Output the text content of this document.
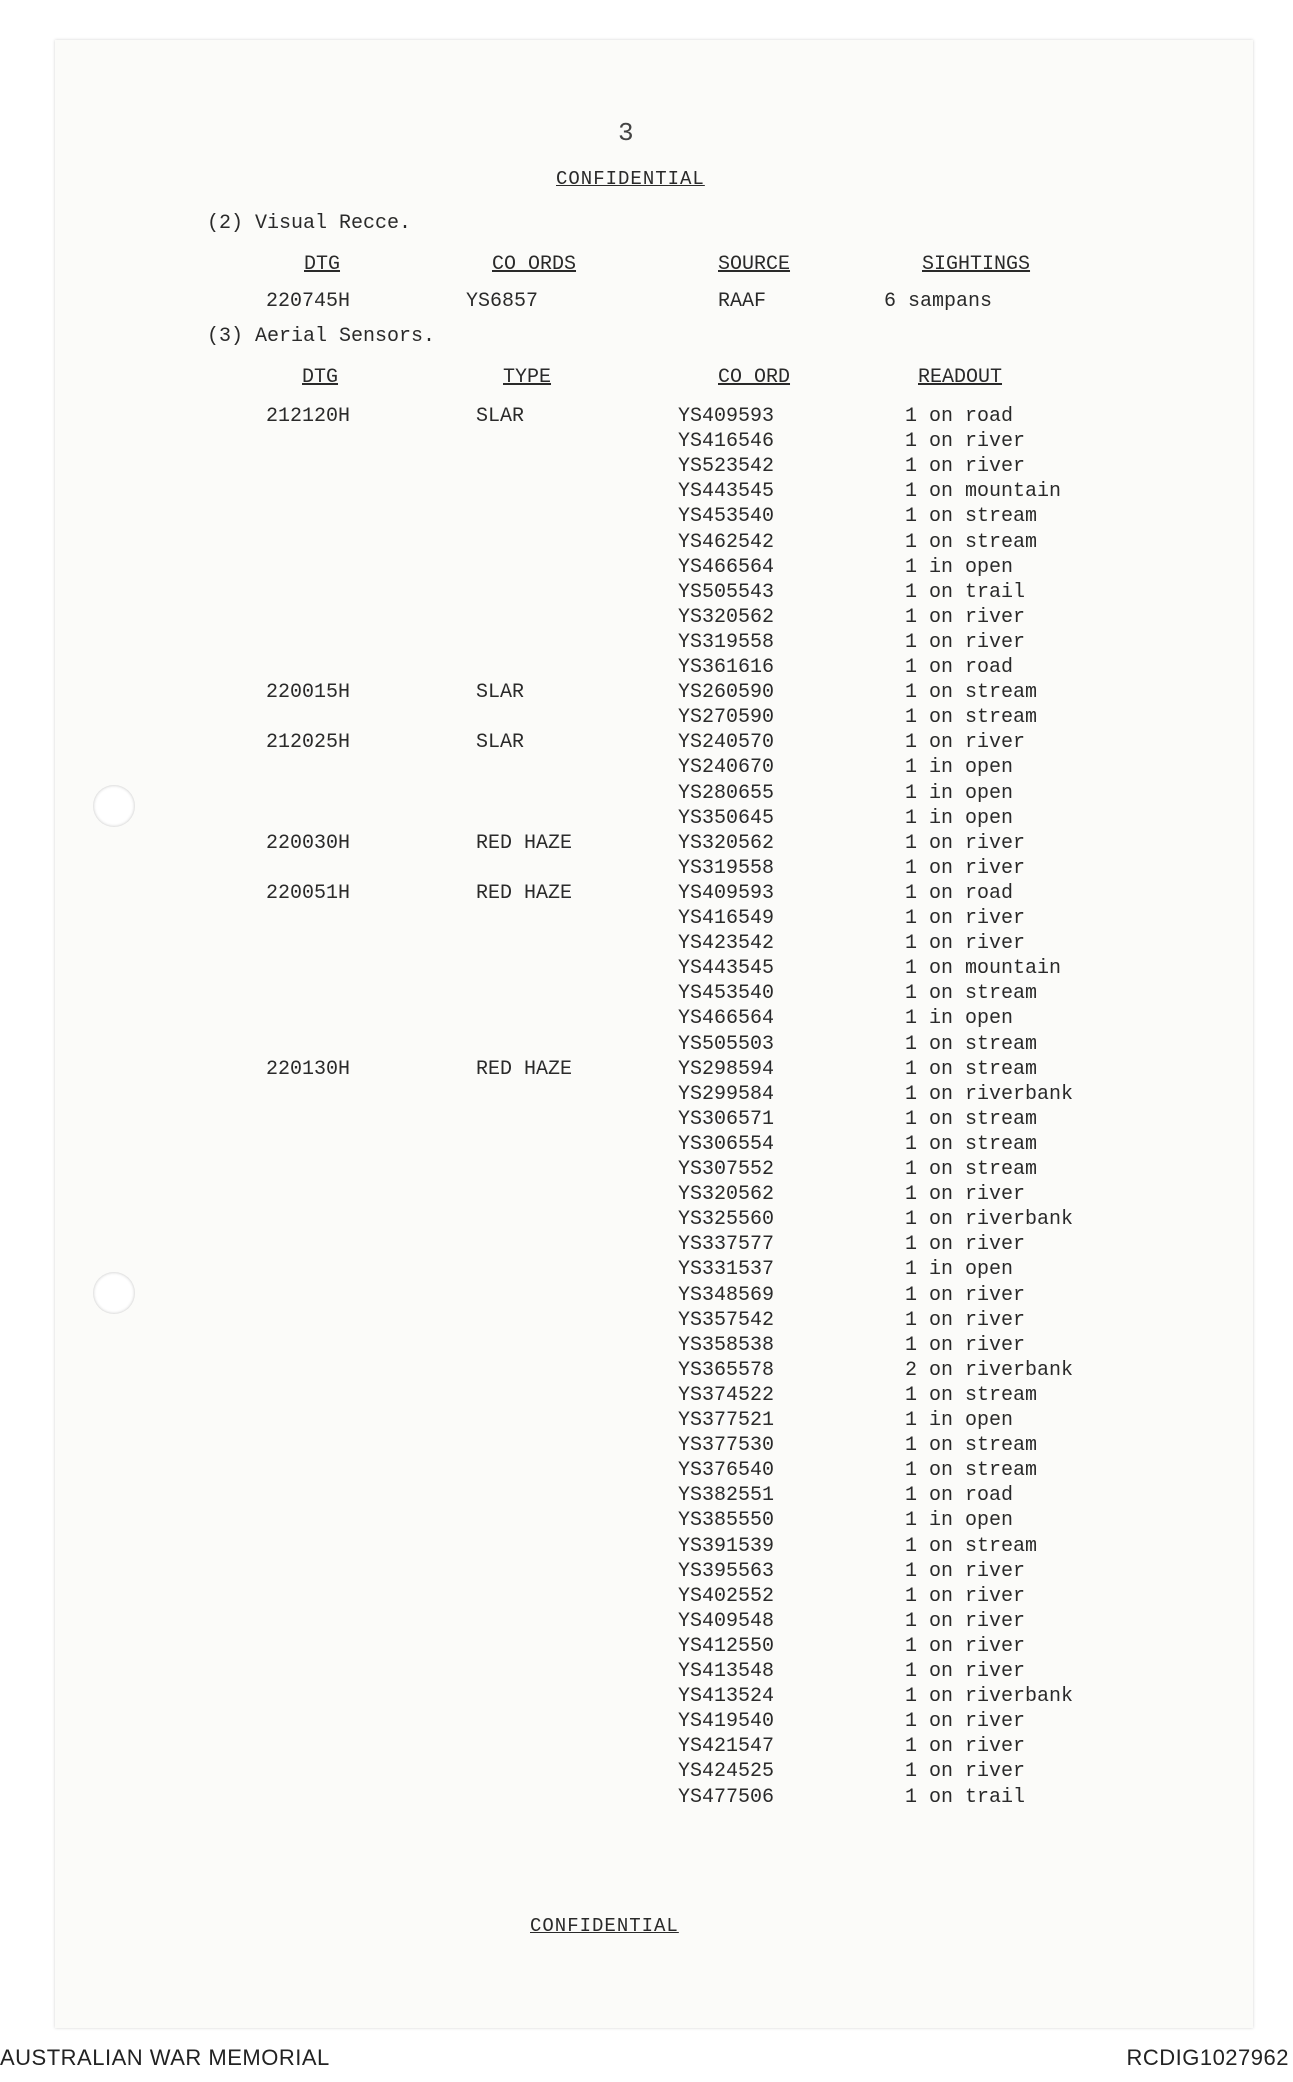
3
CONFIDENTIAL
(2) Visual Recce.
DTG	CO ORDS	SOURCE	SIGHTINGS
220745H	YS6857	RAAF	6 sampans
(3) Aerial Sensors.
DTG	TYPE	CO ORD	READOUT
212120H	SLAR	YS409593	1 on road
YS416546	1 on river
YS523542	1 on river
YS443545	1 on mountain
YS453540	1 on stream
YS462542	1 on stream
YS466564	1 in open
YS505543	1 on trail
YS320562	1 on river
YS319558	1 on river
YS361616	1 on road
220015H	SLAR	YS260590	1 on stream
YS270590	1 on stream
212025H	SLAR	YS240570	1 on river
YS240670	1 in open
YS280655	1 in open
YS350645	1 in open
220030H	RED HAZE	YS320562	1 on river
YS319558	1 on river
220051H	RED HAZE	YS409593	1 on road
YS416549	1 on river
YS423542	1 on river
YS443545	1 on mountain
YS453540	1 on stream
YS466564	1 in open
YS505503	1 on stream
220130H	RED HAZE	YS298594	1 on stream
YS299584	1 on riverbank
YS306571	1 on stream
YS306554	1 on stream
YS307552	1 on stream
YS320562	1 on river
YS325560	1 on riverbank
YS337577	1 on river
YS331537	1 in open
YS348569	1 on river
YS357542	1 on river
YS358538	1 on river
YS365578	2 on riverbank
YS374522	1 on stream
YS377521	1 in open
YS377530	1 on stream
YS376540	1 on stream
YS382551	1 on road
YS385550	1 in open
YS391539	1 on stream
YS395563	1 on river
YS402552	1 on river
YS409548	1 on river
YS412550	1 on river
YS413548	1 on river
YS413524	1 on riverbank
YS419540	1 on river
YS421547	1 on river
YS424525	1 on river
YS477506	1 on trail
CONFIDENTIAL
AUSTRALIAN WAR MEMORIAL	RCDIG1027962
